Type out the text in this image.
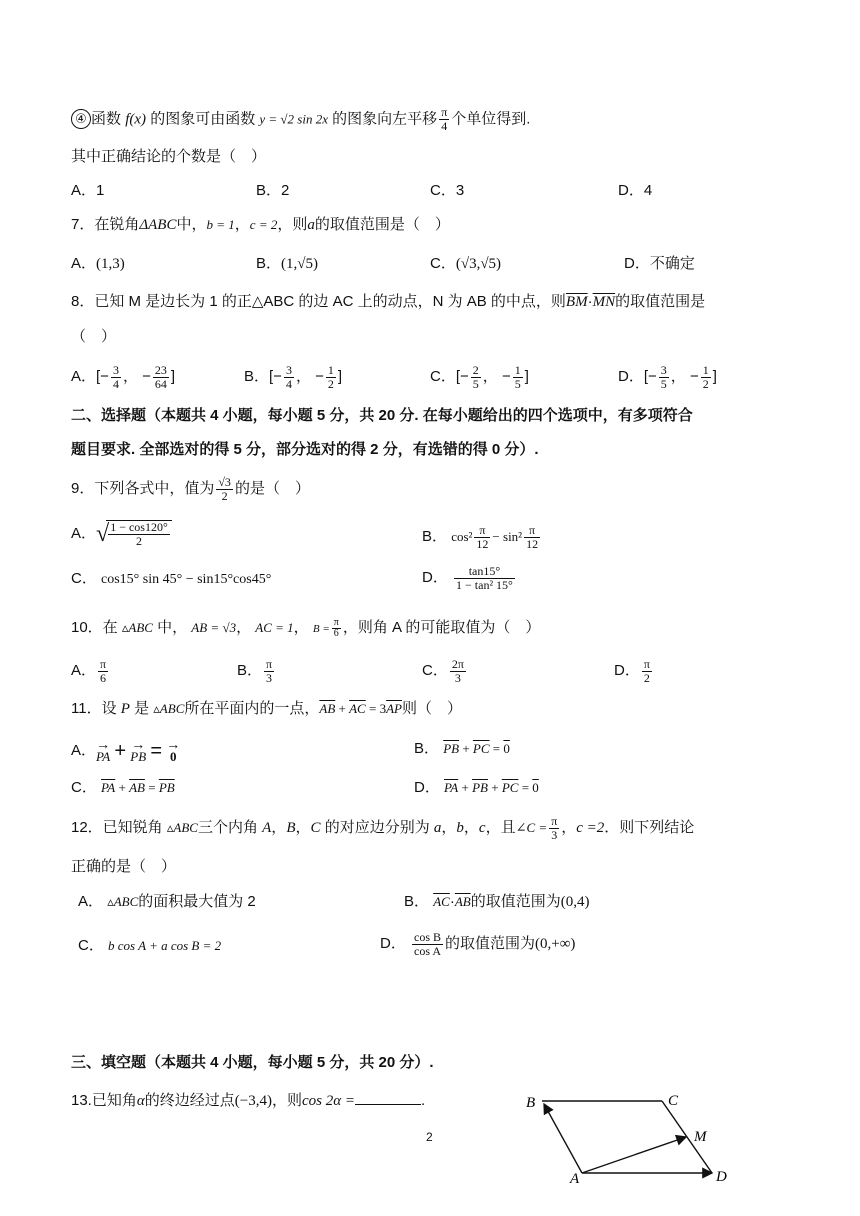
④ 函数 f(x) 的图象可由函数 y = √2 sin 2x 的图象向左平移 $\frac{\pi}{4}$ 个单位得到.
其中正确结论的个数是（　）
A．1	B．2	C．3	D．4
7．在锐角ΔABC中，b = 1，c = 2，则a的取值范围是（　）
A．(1,3)	B．(1,√5)	C．(√3,√5)	D．不确定
8．已知 M 是边长为 1 的正△ABC 的边 AC 上的动点，N 为 AB 的中点，则$\overline{BM}\cdot\overline{MN}$的取值范围是
（　）
A．[− $\frac{3}{4}$ ， − $\frac{23}{64}$ ]	B．[− $\frac{3}{4}$ ， − $\frac{1}{2}$ ]	C．[− $\frac{2}{5}$ ， − $\frac{1}{5}$ ]	D．[− $\frac{3}{5}$ ， − $\frac{1}{2}$ ]
二、选择题（本题共 4 小题，每小题 5 分，共 20 分. 在每小题给出的四个选项中，有多项符合
题目要求. 全部选对的得 5 分，部分选对的得 2 分，有选错的得 0 分）.
9．下列各式中，值为 $\frac{√3}{2}$ 的是（　）
A．√
$\frac{1 - \cos 120^\circ}{2}$	B． $\cos^2 \frac{\pi}{12} - \sin^2 \frac{\pi}{12}$
C． cos15° sin 45° − sin15°cos45°	D． $\frac{\tan 15^\circ}{\text{1 − tan² 15°}}$
10．在 ▵ABC 中， AB = √3， AC = 1， $B = \frac{\pi}{6}$ ，则角 A 的可能取值为（　）
A． $\frac{\pi}{6}$	B． $\frac{\pi}{3}$	C． $\frac{2\pi}{3}$	D． $\frac{\pi}{2}$
11．设 P 是 ▵ABC所在平面内的一点，$\overline{AB} + \overline{AC} = 3\overline{AP}$则（　）
A． →
PA + →
PB = →
0	B． $\overline{PB} + \overline{PC} = 0$
C． $\overline{PA} + \overline{AB} = \overline{PB}$	D． $\overline{PA} + \overline{PB} + \overline{PC} = 0$
12．已知锐角 ▵ABC三个内角 A，B，C 的对应边分别为 a，b，c，且∠C = $\frac{\pi}{3}$ ，c =2．则下列结论
正确的是（　）
A． ▵ABC的面积最大值为 2	B． $\overline{AC}\cdot\overline{AB}$的取值范围为(0,4)
C． b cos A + a cos B = 2	D． $\frac{\text{cos B}}{\text{cos A}}$ 的取值范围为(0,+∞)
三、填空题（本题共 4 小题，每小题 5 分，共 20 分）.
13.已知角α的终边经过点(−3,4)，则cos 2α =	.	B	C
M
A	D
2
